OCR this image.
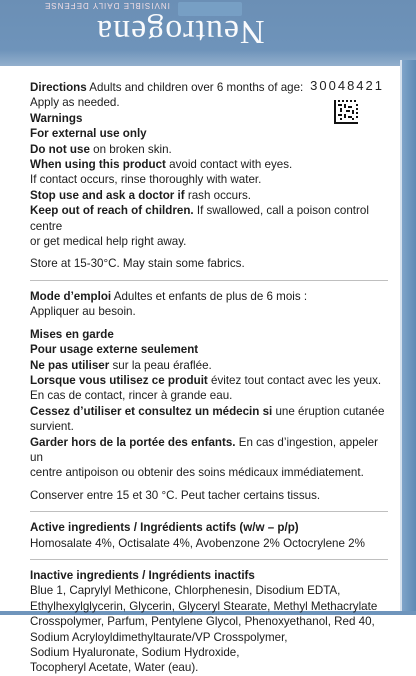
INVISIBLE DAILY DEFENSE
Neutrogena
30048421

Directions Adults and children over 6 months of age:

Apply as needed.

Warnings

For external use only

Do not use on broken skin.

When using this product avoid contact with eyes.

If contact occurs, rinse thoroughly with water.

Stop use and ask a doctor if rash occurs.

Keep out of reach of children. If swallowed, call a poison control centre

or get medical help right away.

Store at 15-30°C. May stain some fabrics.

Mode d’emploi Adultes et enfants de plus de 6 mois :

Appliquer au besoin.

Mises en garde

Pour usage externe seulement

Ne pas utiliser sur la peau éraflée.

Lorsque vous utilisez ce produit évitez tout contact avec les yeux.

En cas de contact, rincer à grande eau.

Cessez d’utiliser et consultez un médecin si une éruption cutanée

survient.

Garder hors de la portée des enfants. En cas d’ingestion, appeler un

centre antipoison ou obtenir des soins médicaux immédiatement.

Conserver entre 15 et 30 °C. Peut tacher certains tissus.

Active ingredients / Ingrédients actifs (w/w – p/p)

Homosalate 4%, Octisalate 4%, Avobenzone 2% Octocrylene 2%

Inactive ingredients / Ingrédients inactifs

Blue 1, Caprylyl Methicone, Chlorphenesin, Disodium EDTA,

Ethylhexylglycerin, Glycerin, Glyceryl Stearate, Methyl Methacrylate

Crosspolymer, Parfum, Pentylene Glycol, Phenoxyethanol, Red 40,

Sodium Acryloyldimethyltaurate/VP Crosspolymer,

Sodium Hyaluronate, Sodium Hydroxide,

Tocopheryl Acetate, Water (eau).
